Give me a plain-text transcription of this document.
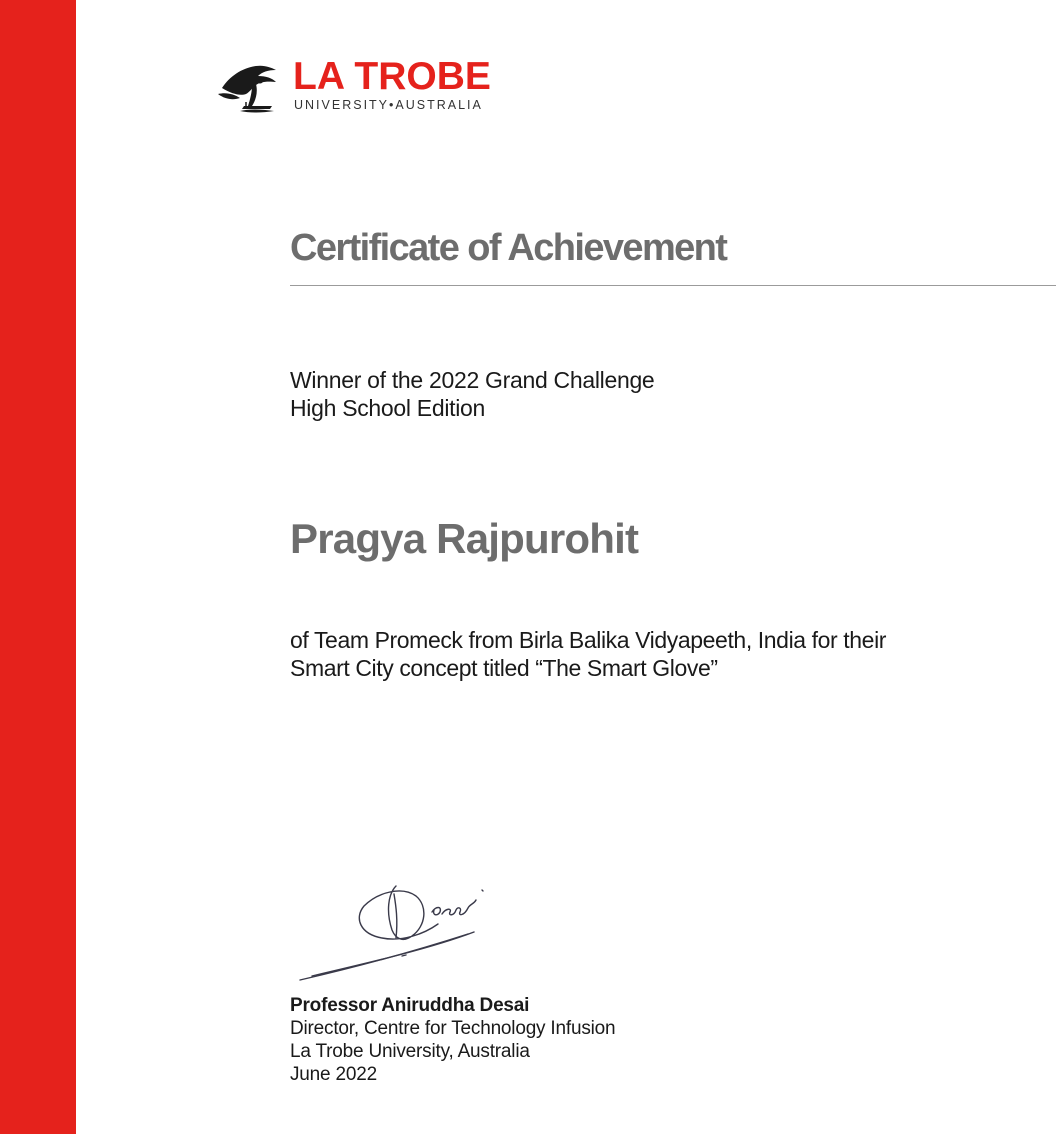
LA TROBE
UNIVERSITY•AUSTRALIA
Certificate of Achievement
Winner of the 2022 Grand Challenge
High School Edition
Pragya Rajpurohit
of Team Promeck from Birla Balika Vidyapeeth, India for their
Smart City concept titled “The Smart Glove”
Professor Aniruddha Desai
Director, Centre for Technology Infusion
La Trobe University, Australia
June 2022
